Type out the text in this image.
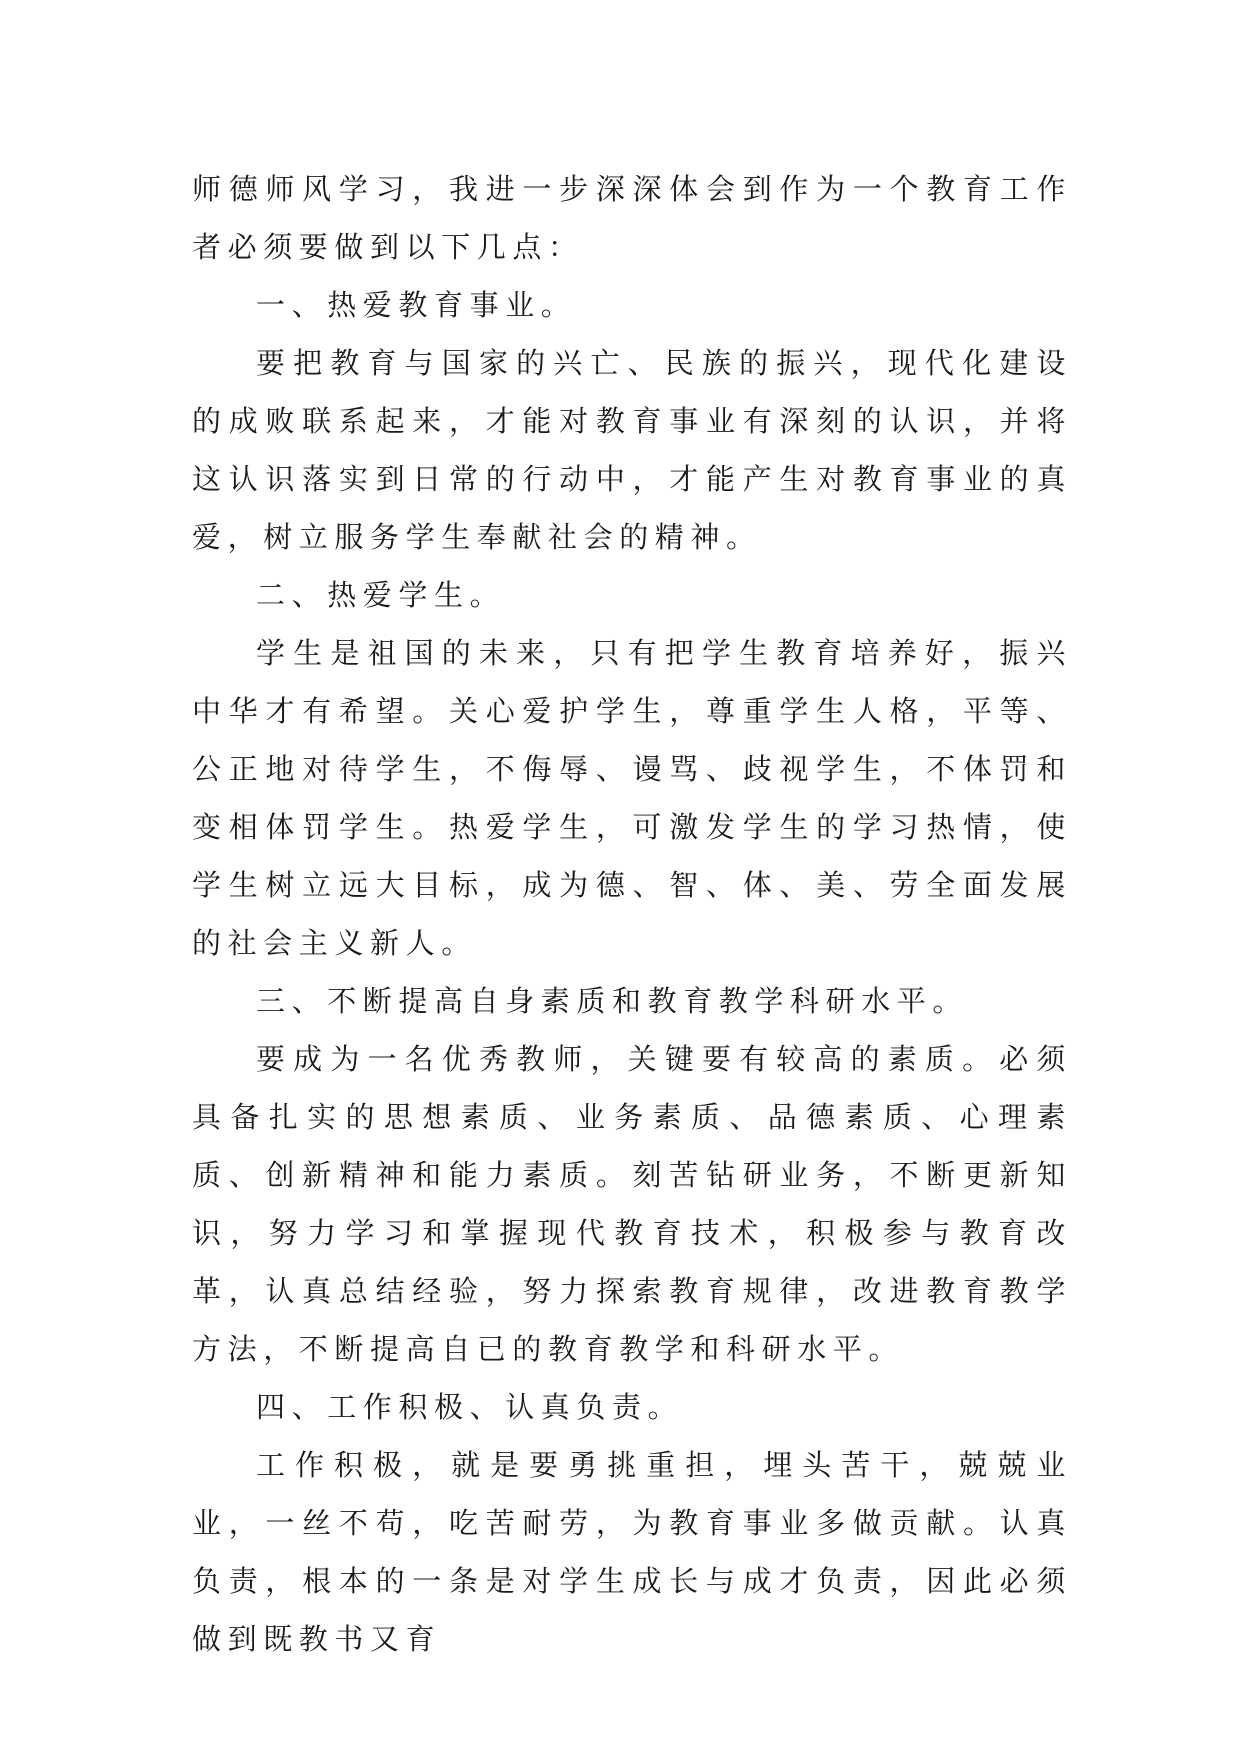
师德师风学习，我进一步深深体会到作为一个教育工作者必须要做到以下几点：

一、热爱教育事业。

要把教育与国家的兴亡、民族的振兴，现代化建设的成败联系起来，才能对教育事业有深刻的认识，并将这认识落实到日常的行动中，才能产生对教育事业的真爱，树立服务学生奉献社会的精神。

二、热爱学生。

学生是祖国的未来，只有把学生教育培养好，振兴中华才有希望。关心爱护学生，尊重学生人格，平等、公正地对待学生，不侮辱、谩骂、歧视学生，不体罚和变相体罚学生。热爱学生，可激发学生的学习热情，使学生树立远大目标，成为德、智、体、美、劳全面发展的社会主义新人。

三、不断提高自身素质和教育教学科研水平。

要成为一名优秀教师，关键要有较高的素质。必须具备扎实的思想素质、业务素质、品德素质、心理素质、创新精神和能力素质。刻苦钻研业务，不断更新知识，努力学习和掌握现代教育技术，积极参与教育改革，认真总结经验，努力探索教育规律，改进教育教学方法，不断提高自已的教育教学和科研水平。

四、工作积极、认真负责。

工作积极，就是要勇挑重担，埋头苦干，兢兢业业，一丝不苟，吃苦耐劳，为教育事业多做贡献。认真负责，根本的一条是对学生成长与成才负责，因此必须做到既教书又育
